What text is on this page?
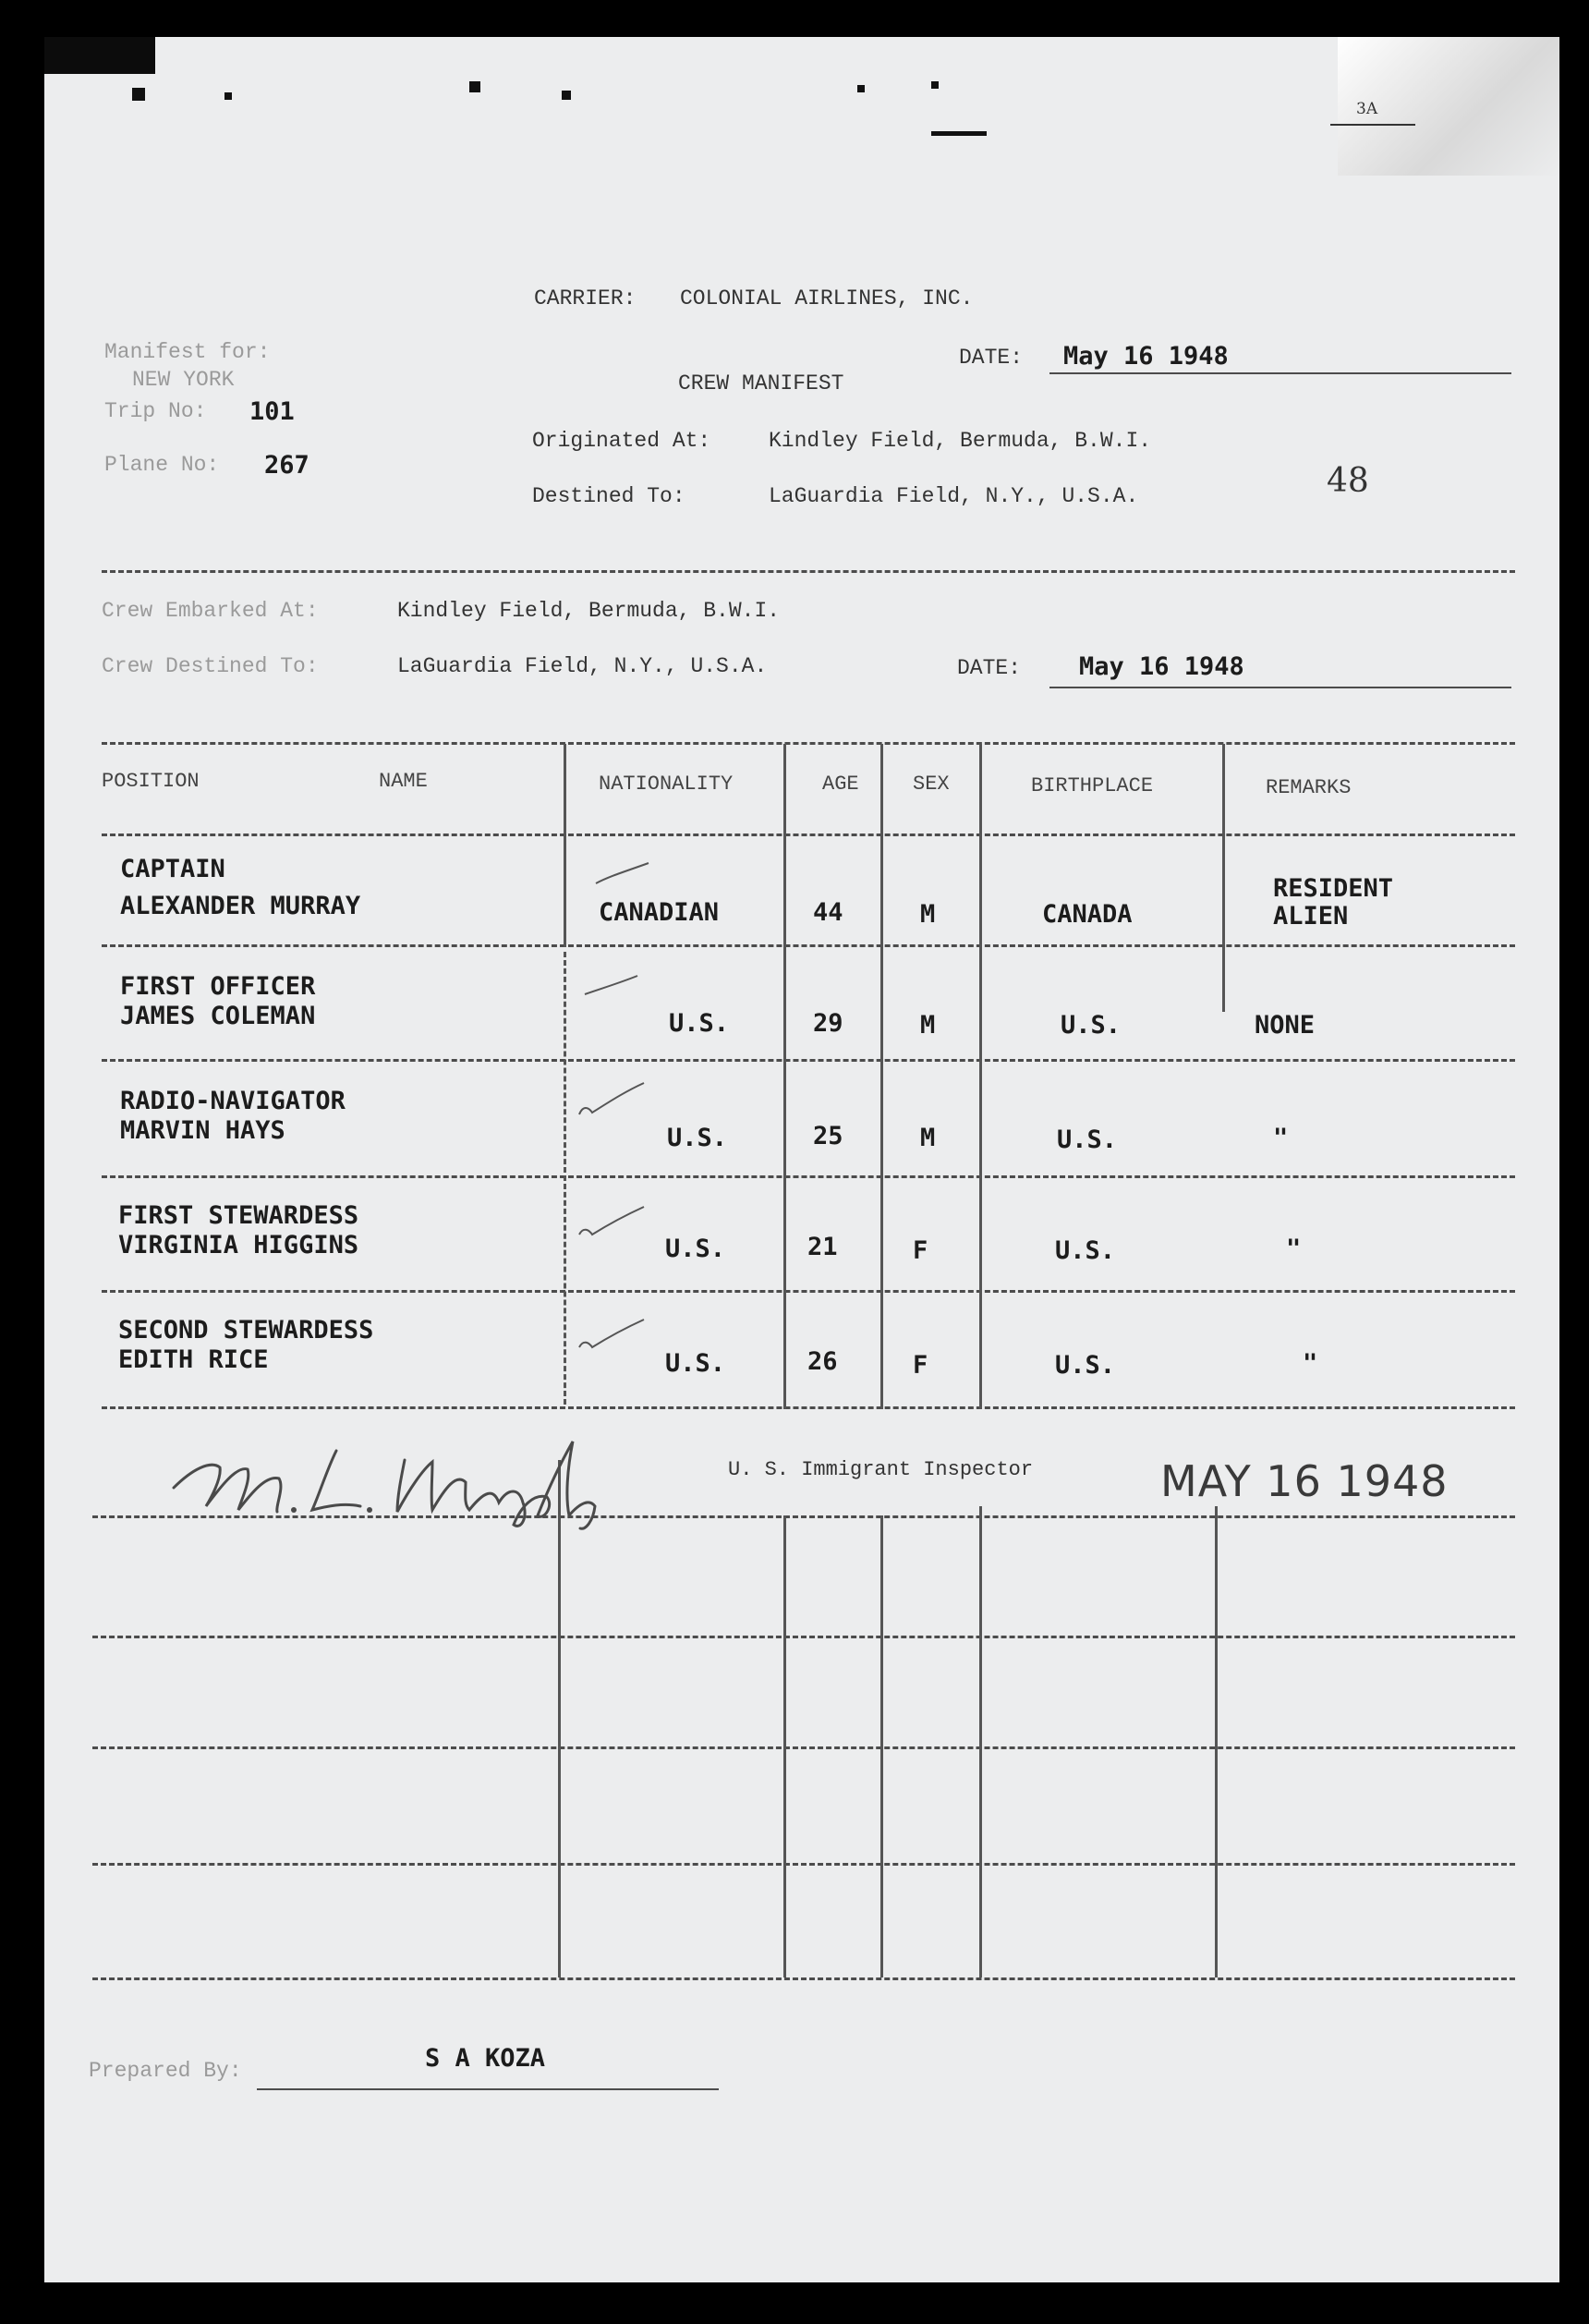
3A
CARRIER: COLONIAL AIRLINES, INC.
Manifest for:
NEW YORK
Trip No: 101
Plane No: 267
CREW MANIFEST
DATE: May 16 1948
Originated At:	Kindley Field, Bermuda, B.W.I.
Destined To:	LaGuardia Field, N.Y., U.S.A.	48
Crew Embarked At:	Kindley Field, Bermuda, B.W.I.
Crew Destined To:	LaGuardia Field, N.Y., U.S.A.	DATE: May 16 1948
POSITION	NAME	NATIONALITY	AGE	SEX	BIRTHPLACE	REMARKS
CAPTAIN
ALEXANDER MURRAY	CANADIAN	44	M	CANADA
RESIDENT
ALIEN
FIRST OFFICER
JAMES COLEMAN	U.S.	29	M	U.S.	NONE
RADIO-NAVIGATOR
MARVIN HAYS	U.S.	25	M	U.S.	"
FIRST STEWARDESS
VIRGINIA HIGGINS	U.S.	21	F	U.S.	"
SECOND STEWARDESS
EDITH RICE	U.S.	26	F	U.S.	"
U. S. Immigrant Inspector	MAY 16 1948
Prepared By:	S A KOZA
